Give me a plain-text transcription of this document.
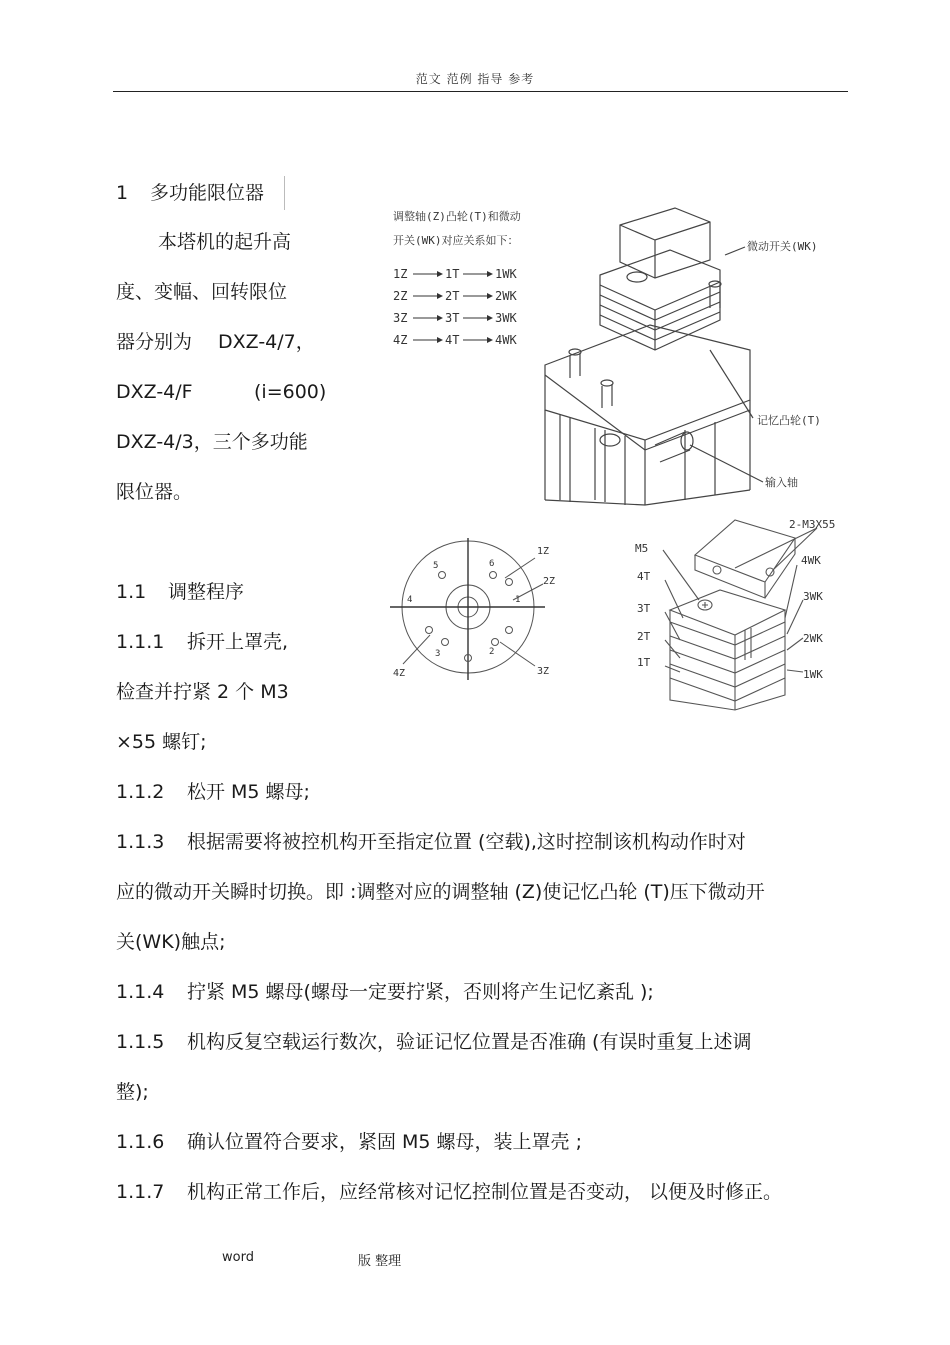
范文 范例 指导 参考
1 多功能限位器
本塔机的起升高
度、变幅、回转限位
器分别为 DXZ-4/7，
DXZ-4/F	(i=600)
DXZ-4/3，三个多功能
限位器。
1.1 调整程序
1.1.1 拆开上罩壳,
检查并拧紧 2 个 M3
×55 螺钉;
1.1.2 松开 M5 螺母;
1.1.3 根据需要将被控机构开至指定位置 (空载),这时控制该机构动作时对
应的微动开关瞬时切换。即 :调整对应的调整轴 (Z)使记忆凸轮 (T)压下微动开
关(WK)触点;
1.1.4 拧紧 M5 螺母(螺母一定要拧紧，否则将产生记忆紊乱 );
1.1.5 机构反复空载运行数次，验证记忆位置是否准确 (有误时重复上述调
整);
1.1.6 确认位置符合要求，紧固 M5 螺母，装上罩壳 ;
1.1.7 机构正常工作后，应经常核对记忆控制位置是否变动， 以便及时修正。
调整轴(Z)凸轮(T)和微动
开关(WK)对应关系如下：
1Z	1T	1WK
2Z	2T	2WK
3Z	3T	3WK
4Z	4T	4WK
微动开关(WK)
记忆凸轮(T)
输入轴
1Z
2Z
3Z
4Z
1
2
3
4
5	6
2-M3X55
M5
4T
3T
2T
1T
4WK
3WK
2WK
1WK
word	版 整理
